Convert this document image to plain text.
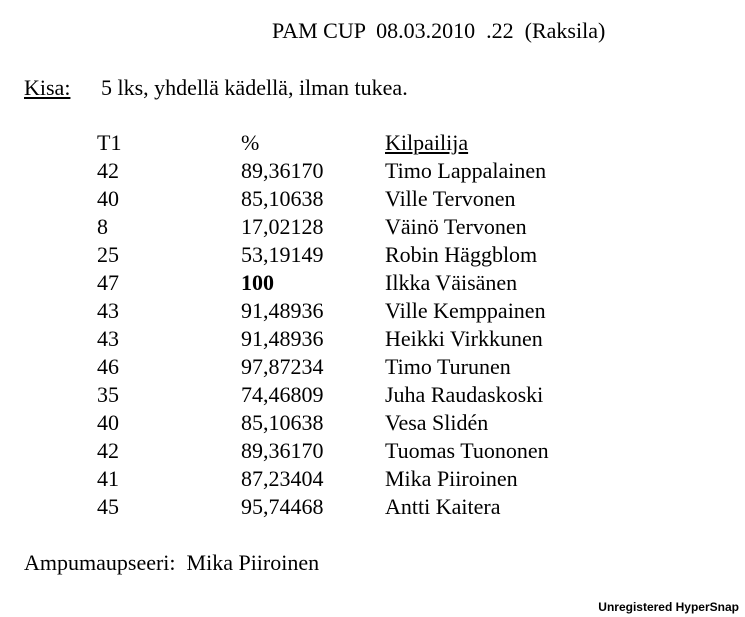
PAM CUP  08.03.2010  .22  (Raksila)
Kisa: 5 lks, yhdellä kädellä, ilman tukea.
T1	%	Kilpailija
42	89,36170	Timo Lappalainen
40	85,10638	Ville Tervonen
8	17,02128	Väinö Tervonen
25	53,19149	Robin Häggblom
47	100	Ilkka Väisänen
43	91,48936	Ville Kemppainen
43	91,48936	Heikki Virkkunen
46	97,87234	Timo Turunen
35	74,46809	Juha Raudaskoski
40	85,10638	Vesa Slidén
42	89,36170	Tuomas Tuononen
41	87,23404	Mika Piiroinen
45	95,74468	Antti Kaitera
Ampumaupseeri:  Mika Piiroinen
Unregistered HyperSnap
